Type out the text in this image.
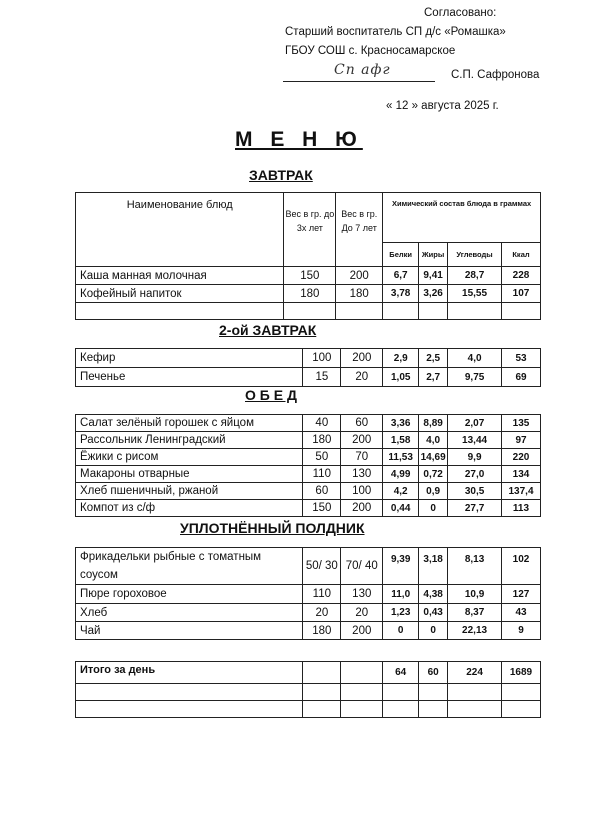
Согласовано:
Старший воспитатель СП д/с «Ромашка»
ГБОУ СОШ с. Красносамарское
Сп афг	С.П. Сафронова
« 12 » августа 2025 г.
М Е Н Ю
ЗАВТРАК
Наименование блюд	Вес в гр. до 3х лет	Вес в гр. До 7 лет	Химический состав блюда в граммах			
			Белки	Жиры	Углеводы	Ккал
Каша манная молочная	150	200	6,7	9,41	28,7	228
Кофейный напиток	180	180	3,78	3,26	15,55	107

2-ой ЗАВТРАК
Кефир	100	200	2,9	2,5	4,0	53
Печенье	15	20	1,05	2,7	9,75	69
О Б Е Д
Салат зелёный горошек с яйцом	40	60	3,36	8,89	2,07	135
Рассольник Ленинградский	180	200	1,58	4,0	13,44	97
Ёжики с рисом	50	70	11,53	14,69	9,9	220
Макароны отварные	110	130	4,99	0,72	27,0	134
Хлеб пшеничный, ржаной	60	100	4,2	0,9	30,5	137,4
Компот из с/ф	150	200	0,44	0	27,7	113
УПЛОТНЁННЫЙ ПОЛДНИК
Фрикадельки рыбные с томатным соусом	50/ 30	70/ 40	9,39	3,18	8,13	102
Пюре гороховое	110	130	11,0	4,38	10,9	127
Хлеб	20	20	1,23	0,43	8,37	43
Чай	180	200	0	0	22,13	9
Итого за день			64	60	224	1689
